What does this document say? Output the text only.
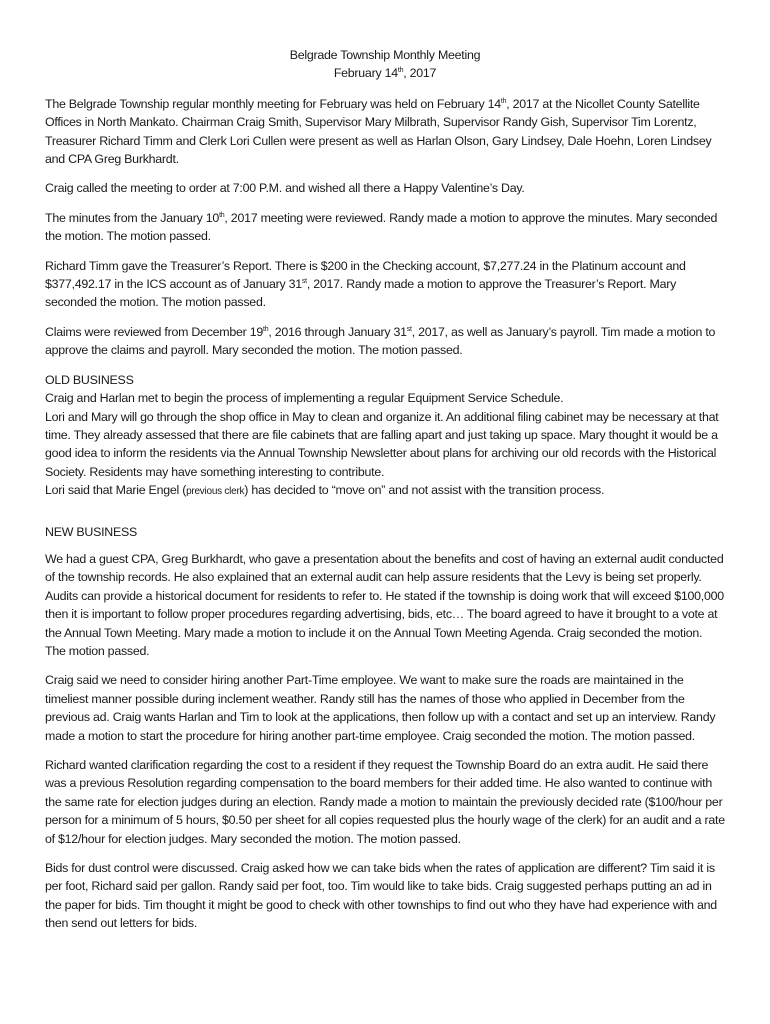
Belgrade Township Monthly Meeting
February 14th, 2017

The Belgrade Township regular monthly meeting for February was held on February 14th, 2017 at the Nicollet County Satellite Offices in North Mankato. Chairman Craig Smith, Supervisor Mary Milbrath, Supervisor Randy Gish, Supervisor Tim Lorentz, Treasurer Richard Timm and Clerk Lori Cullen were present as well as Harlan Olson, Gary Lindsey, Dale Hoehn, Loren Lindsey and CPA Greg Burkhardt.

Craig called the meeting to order at 7:00 P.M. and wished all there a Happy Valentine’s Day.

The minutes from the January 10th, 2017 meeting were reviewed. Randy made a motion to approve the minutes. Mary seconded the motion. The motion passed.

Richard Timm gave the Treasurer’s Report. There is $200 in the Checking account, $7,277.24 in the Platinum account and $377,492.17 in the ICS account as of January 31st, 2017. Randy made a motion to approve the Treasurer’s Report. Mary seconded the motion. The motion passed.

Claims were reviewed from December 19th, 2016 through January 31st, 2017, as well as January’s payroll. Tim made a motion to approve the claims and payroll. Mary seconded the motion. The motion passed.

OLD BUSINESS
Craig and Harlan met to begin the process of implementing a regular Equipment Service Schedule.
Lori and Mary will go through the shop office in May to clean and organize it. An additional filing cabinet may be necessary at that time. They already assessed that there are file cabinets that are falling apart and just taking up space. Mary thought it would be a good idea to inform the residents via the Annual Township Newsletter about plans for archiving our old records with the Historical Society. Residents may have something interesting to contribute.
Lori said that Marie Engel (previous clerk) has decided to “move on” and not assist with the transition process.
NEW BUSINESS

We had a guest CPA, Greg Burkhardt, who gave a presentation about the benefits and cost of having an external audit conducted of the township records. He also explained that an external audit can help assure residents that the Levy is being set properly. Audits can provide a historical document for residents to refer to. He stated if the township is doing work that will exceed $100,000 then it is important to follow proper procedures regarding advertising, bids, etc… The board agreed to have it brought to a vote at the Annual Town Meeting. Mary made a motion to include it on the Annual Town Meeting Agenda. Craig seconded the motion. The motion passed.

Craig said we need to consider hiring another Part-Time employee. We want to make sure the roads are maintained in the timeliest manner possible during inclement weather. Randy still has the names of those who applied in December from the previous ad. Craig wants Harlan and Tim to look at the applications, then follow up with a contact and set up an interview. Randy made a motion to start the procedure for hiring another part-time employee. Craig seconded the motion. The motion passed.

Richard wanted clarification regarding the cost to a resident if they request the Township Board do an extra audit. He said there was a previous Resolution regarding compensation to the board members for their added time. He also wanted to continue with the same rate for election judges during an election. Randy made a motion to maintain the previously decided rate ($100/hour per person for a minimum of 5 hours, $0.50 per sheet for all copies requested plus the hourly wage of the clerk) for an audit and a rate of $12/hour for election judges. Mary seconded the motion. The motion passed.

Bids for dust control were discussed. Craig asked how we can take bids when the rates of application are different? Tim said it is per foot, Richard said per gallon. Randy said per foot, too. Tim would like to take bids. Craig suggested perhaps putting an ad in the paper for bids. Tim thought it might be good to check with other townships to find out who they have had experience with and then send out letters for bids.
